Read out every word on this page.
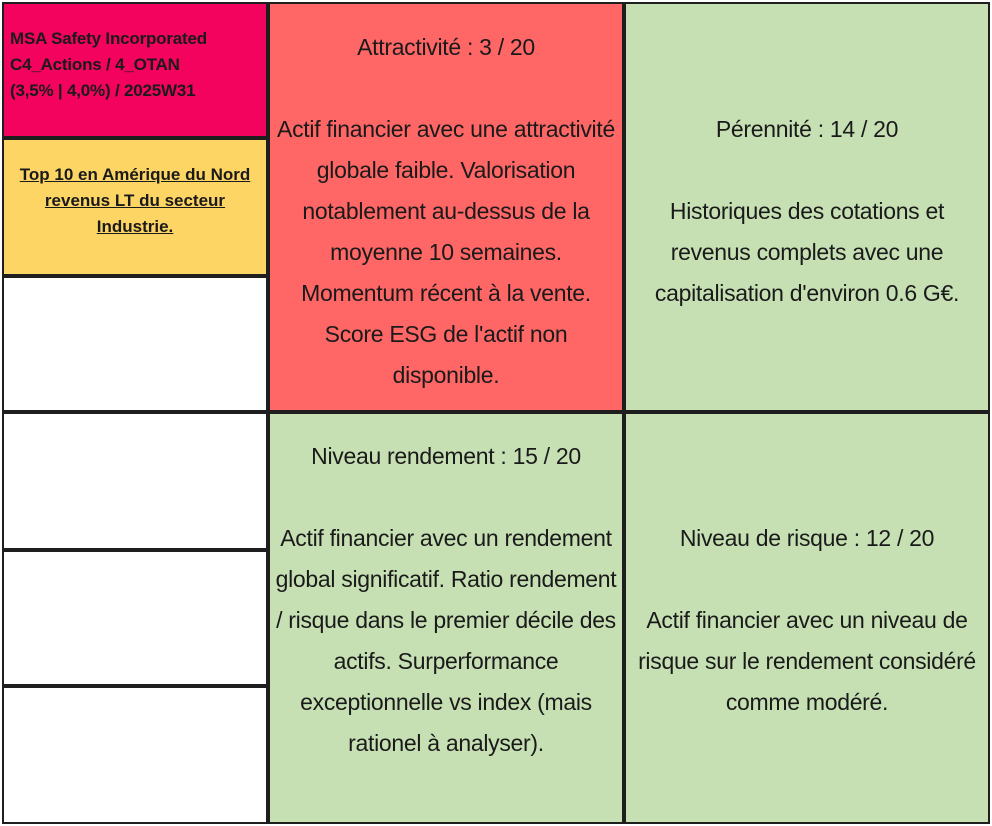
MSA Safety Incorporated
C4_Actions / 4_OTAN
(3,5% | 4,0%) / 2025W31
Top 10 en Amérique du Nord revenus LT du secteur Industrie.
Attractivité : 3 / 20
Actif financier avec une attractivité globale faible. Valorisation notablement au-dessus de la moyenne 10 semaines. Momentum récent à la vente. Score ESG de l'actif non disponible.
Pérennité : 14 / 20
Historiques des cotations et revenus complets avec une capitalisation d'environ 0.6 G€.
Niveau rendement : 15 / 20
Actif financier avec un rendement global significatif. Ratio rendement / risque dans le premier décile des actifs. Surperformance exceptionnelle vs index (mais rationel à analyser).
Niveau de risque : 12 / 20
Actif financier avec un niveau de risque sur le rendement considéré comme modéré.
